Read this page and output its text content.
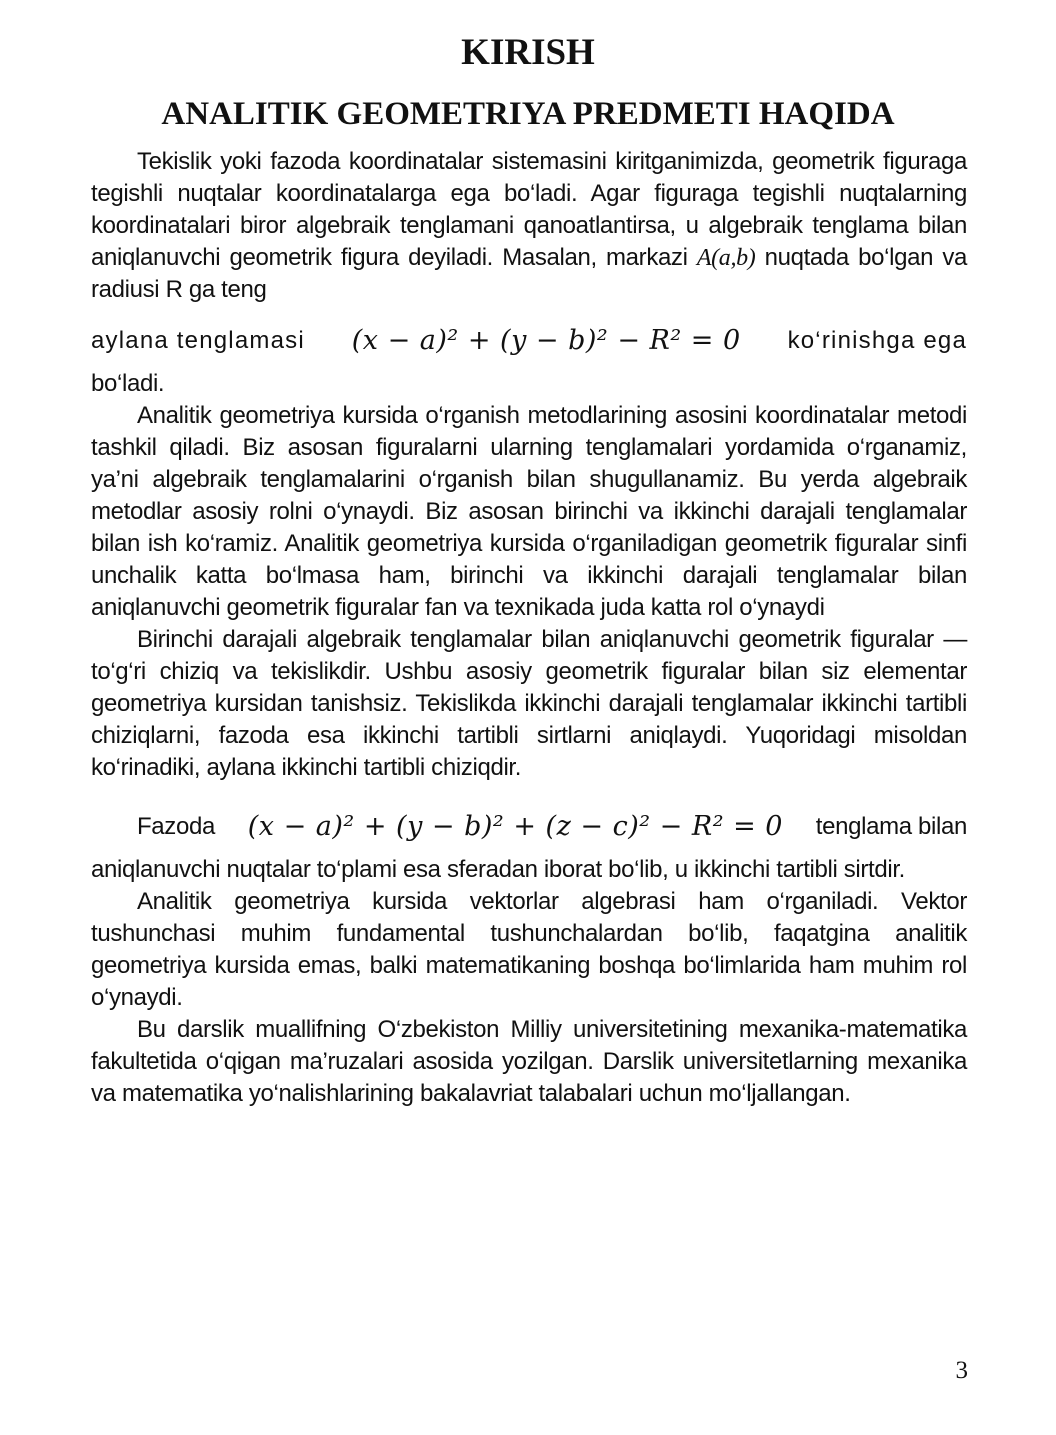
KIRISH
ANALITIK GEOMETRIYA PREDMETI HAQIDA

Tekislik yoki fazoda koordinatalar sistemasini kiritganimizda, geometrik figuraga tegishli nuqtalar koordinatalarga ega bo‘ladi. Agar figuraga tegishli nuqtalarning koordinatalari biror algebraik tenglamani qanoatlantirsa, u algebraik tenglama bilan aniqlanuvchi geometrik figura deyiladi. Masalan, markazi A(a,b) nuqtada bo‘lgan va radiusi R ga teng

aylana tenglamasi (x − a)² + (y − b)² − R² = 0 ko‘rinishga ega

bo‘ladi.

Analitik geometriya kursida o‘rganish metodlarining asosini koordinatalar metodi tashkil qiladi. Biz asosan figuralarni ularning tenglamalari yordamida o‘rganamiz, ya’ni algebraik tenglamalarini o‘rganish bilan shugullanamiz. Bu yerda algebraik metodlar asosiy rolni o‘ynaydi. Biz asosan birinchi va ikkinchi darajali tenglamalar bilan ish ko‘ramiz. Analitik geometriya kursida o‘rganiladigan geometrik figuralar sinfi unchalik katta bo‘lmasa ham, birinchi va ikkinchi darajali tenglamalar bilan aniqlanuvchi geometrik figuralar fan va texnikada juda katta rol o‘ynaydi

Birinchi darajali algebraik tenglamalar bilan aniqlanuvchi geometrik figuralar — to‘g‘ri chiziq va tekislikdir. Ushbu asosiy geometrik figuralar bilan siz elementar geometriya kursidan tanishsiz. Tekislikda ikkinchi darajali tenglamalar ikkinchi tartibli chiziqlarni, fazoda esa ikkinchi tartibli sirtlarni aniqlaydi. Yuqoridagi misoldan ko‘rinadiki, aylana ikkinchi tartibli chiziqdir.

Fazoda (x − a)² + (y − b)² + (z − c)² − R² = 0 tenglama bilan

aniqlanuvchi nuqtalar to‘plami esa sferadan iborat bo‘lib, u ikkinchi tartibli sirtdir.

Analitik geometriya kursida vektorlar algebrasi ham o‘rganiladi. Vektor tushunchasi muhim fundamental tushunchalardan bo‘lib, faqatgina analitik geometriya kursida emas, balki matematikaning boshqa bo‘limlarida ham muhim rol o‘ynaydi.

Bu darslik muallifning O‘zbekiston Milliy universitetining mexanika-matematika fakultetida o‘qigan ma’ruzalari asosida yozilgan. Darslik universitetlarning mexanika va matematika yo‘nalishlarining bakalavriat talabalari uchun mo‘ljallangan.

3
